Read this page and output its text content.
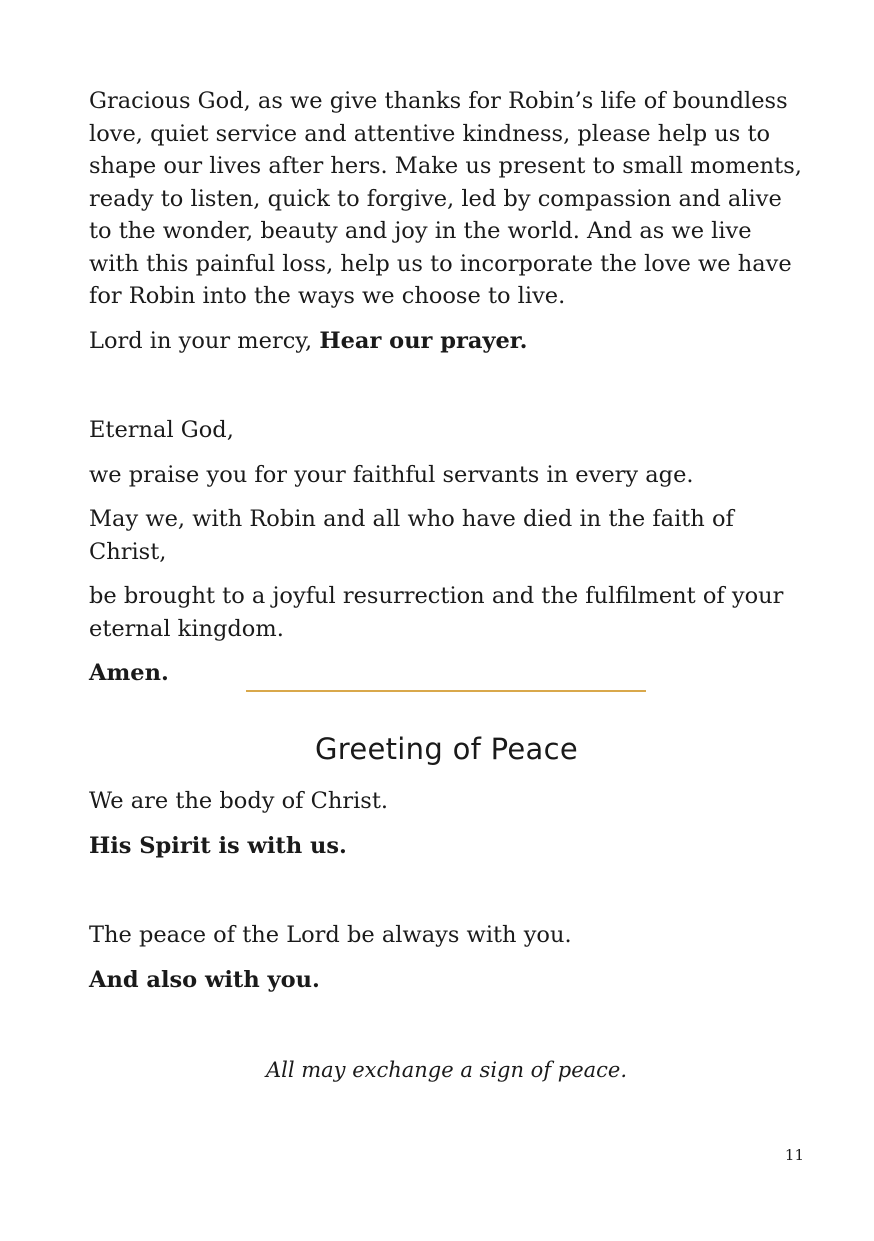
Gracious God, as we give thanks for Robin’s life of boundless love, quiet service and attentive kindness, please help us to shape our lives after hers. Make us present to small moments, ready to listen, quick to forgive, led by compassion and alive to the wonder, beauty and joy in the world. And as we live with this painful loss, help us to incorporate the love we have for Robin into the ways we choose to live.

Lord in your mercy, Hear our prayer.

Eternal God,

we praise you for your faithful servants in every age.

May we, with Robin and all who have died in the faith of Christ,

be brought to a joyful resurrection and the fulfilment of your eternal kingdom.

Amen.

Greeting of Peace

We are the body of Christ.

His Spirit is with us.

The peace of the Lord be always with you.

And also with you.

All may exchange a sign of peace.

11
